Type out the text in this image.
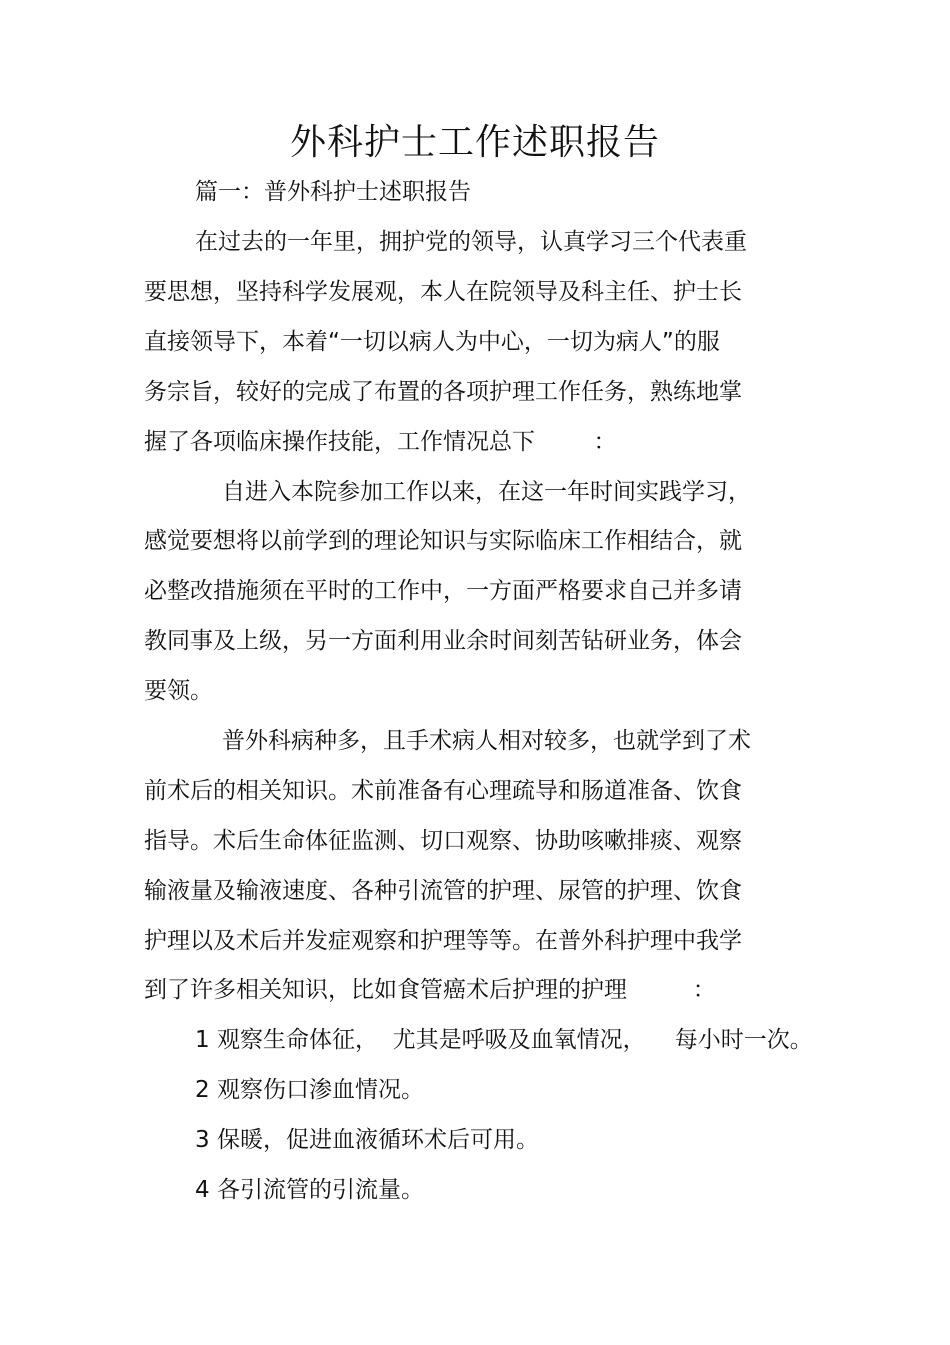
外科护士工作述职报告
篇一：普外科护士述职报告
在过去的一年里，拥护党的领导，认真学习三个代表重
要思想，坚持科学发展观，本人在院领导及科主任、护士长
直接领导下，本着“一切以病人为中心，一切为病人”的服
务宗旨，较好的完成了布置的各项护理工作任务，熟练地掌
握了各项临床操作技能，工作情况总下        ：
自进入本院参加工作以来，在这一年时间实践学习，
感觉要想将以前学到的理论知识与实际临床工作相结合，就
必整改措施须在平时的工作中，一方面严格要求自己并多请
教同事及上级，另一方面利用业余时间刻苦钻研业务，体会
要领。
普外科病种多，且手术病人相对较多，也就学到了术
前术后的相关知识。术前准备有心理疏导和肠道准备、饮食
指导。术后生命体征监测、切口观察、协助咳嗽排痰、观察
输液量及输液速度、各种引流管的护理、尿管的护理、饮食
护理以及术后并发症观察和护理等等。在普外科护理中我学
到了许多相关知识，比如食管癌术后护理的护理         ：
1 观察生命体征，  尤其是呼吸及血氧情况，    每小时一次。
2 观察伤口渗血情况。
3 保暖，促进血液循环术后可用。
4 各引流管的引流量。
